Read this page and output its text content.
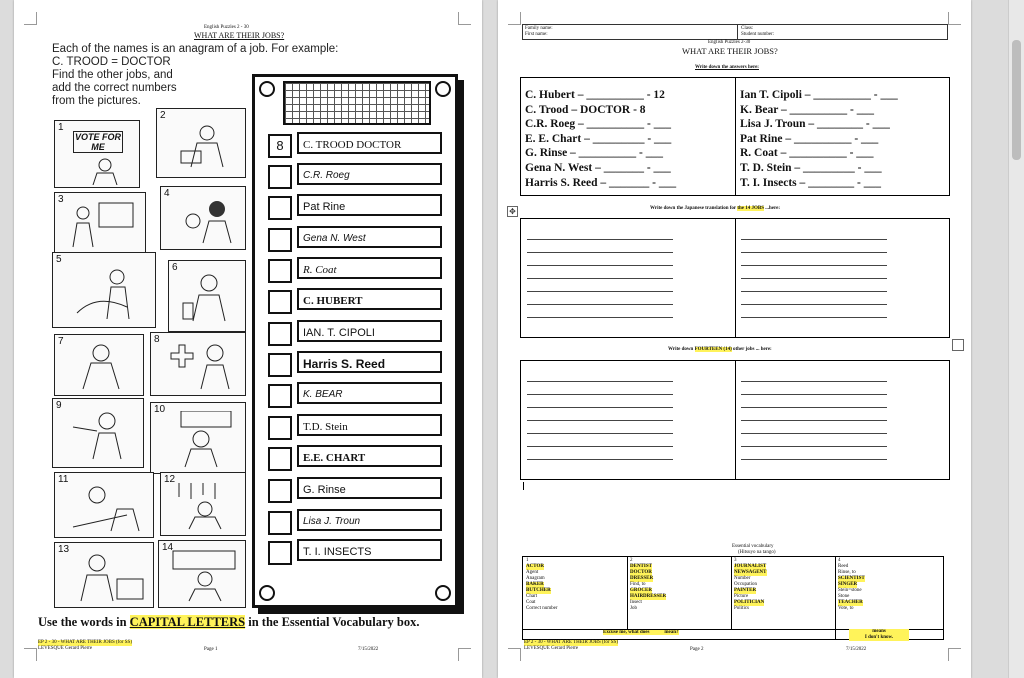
English Puzzles 2 - 30
WHAT ARE THEIR JOBS?
Each of the names is an anagram of a job. For example:
C. TROOD = DOCTOR
Find the other jobs, and
add the correct numbers
from the pictures.
1
VOTE FOR ME
2
3
4
5
6
7	8
9	10
11	12
13	14
8	C. TROOD DOCTOR
C.R. Roeg
Pat Rine
Gena N. West
R. Coat
C. HUBERT
IAN. T. CIPOLI
Harris S. Reed
K. BEAR
T.D. Stein
E.E. CHART
G. Rinse
Lisa J. Troun
T. I. INSECTS
Use the words in CAPITAL LETTERS in the Essential Vocabulary box.
EP 2 - 30 - WHAT ARE THEIR JOBS (for SS)
LEVESQUE Gerard Pierre	Page 1	7/15/2022
Family name:
First name:
Class:
Student number:
English Puzzles 2-30
WHAT ARE THEIR JOBS?
Write down the answers here:
C. Hubert – __________ - 12
C. Trood – DOCTOR - 8
C.R. Roeg – __________ - ___
E. E. Chart – _________ - ___
G. Rinse – __________ - ___
Gena N. West – _______ - ___
Harris S. Reed – _______ - ___
Ian T. Cipoli – __________ - ___
K. Bear – __________ - ___
Lisa J. Troun – ________ - ___
Pat Rine – __________ - ___
R. Coat – __________ - ___
T. D. Stein – _________ - ___
T. I. Insects – ________ - ___
✥	Write down the Japanese translation for the 14 JOBS ...here:
Write down FOURTEEN (14) other jobs ... here:
Essential vocabulary
(Hitsuyo na tango)
1
ACTOR
Agent
Anagram
BAKER
BUTCHER
Chart
Coat
Correct number
2
DENTIST
DOCTOR
DRESSER
Find, to
GROCER
HAIRDRESSER
Insect
Job
3
JOURNALIST
NEWSAGENT
Number
Occupation
PAINTER
Picture
POLITICIAN
Politics
4
Reed
Rinse, to
SCIENTIST
SINGER
Stein=stone
Stone
TEACHER
Vote, to
Excuse me, what does            mean?	means
I don't know.
EP 2 - 30 - WHAT ARE THEIR JOBS (for SS)
LEVESQUE Gerard Pierre	Page 2	7/15/2022
